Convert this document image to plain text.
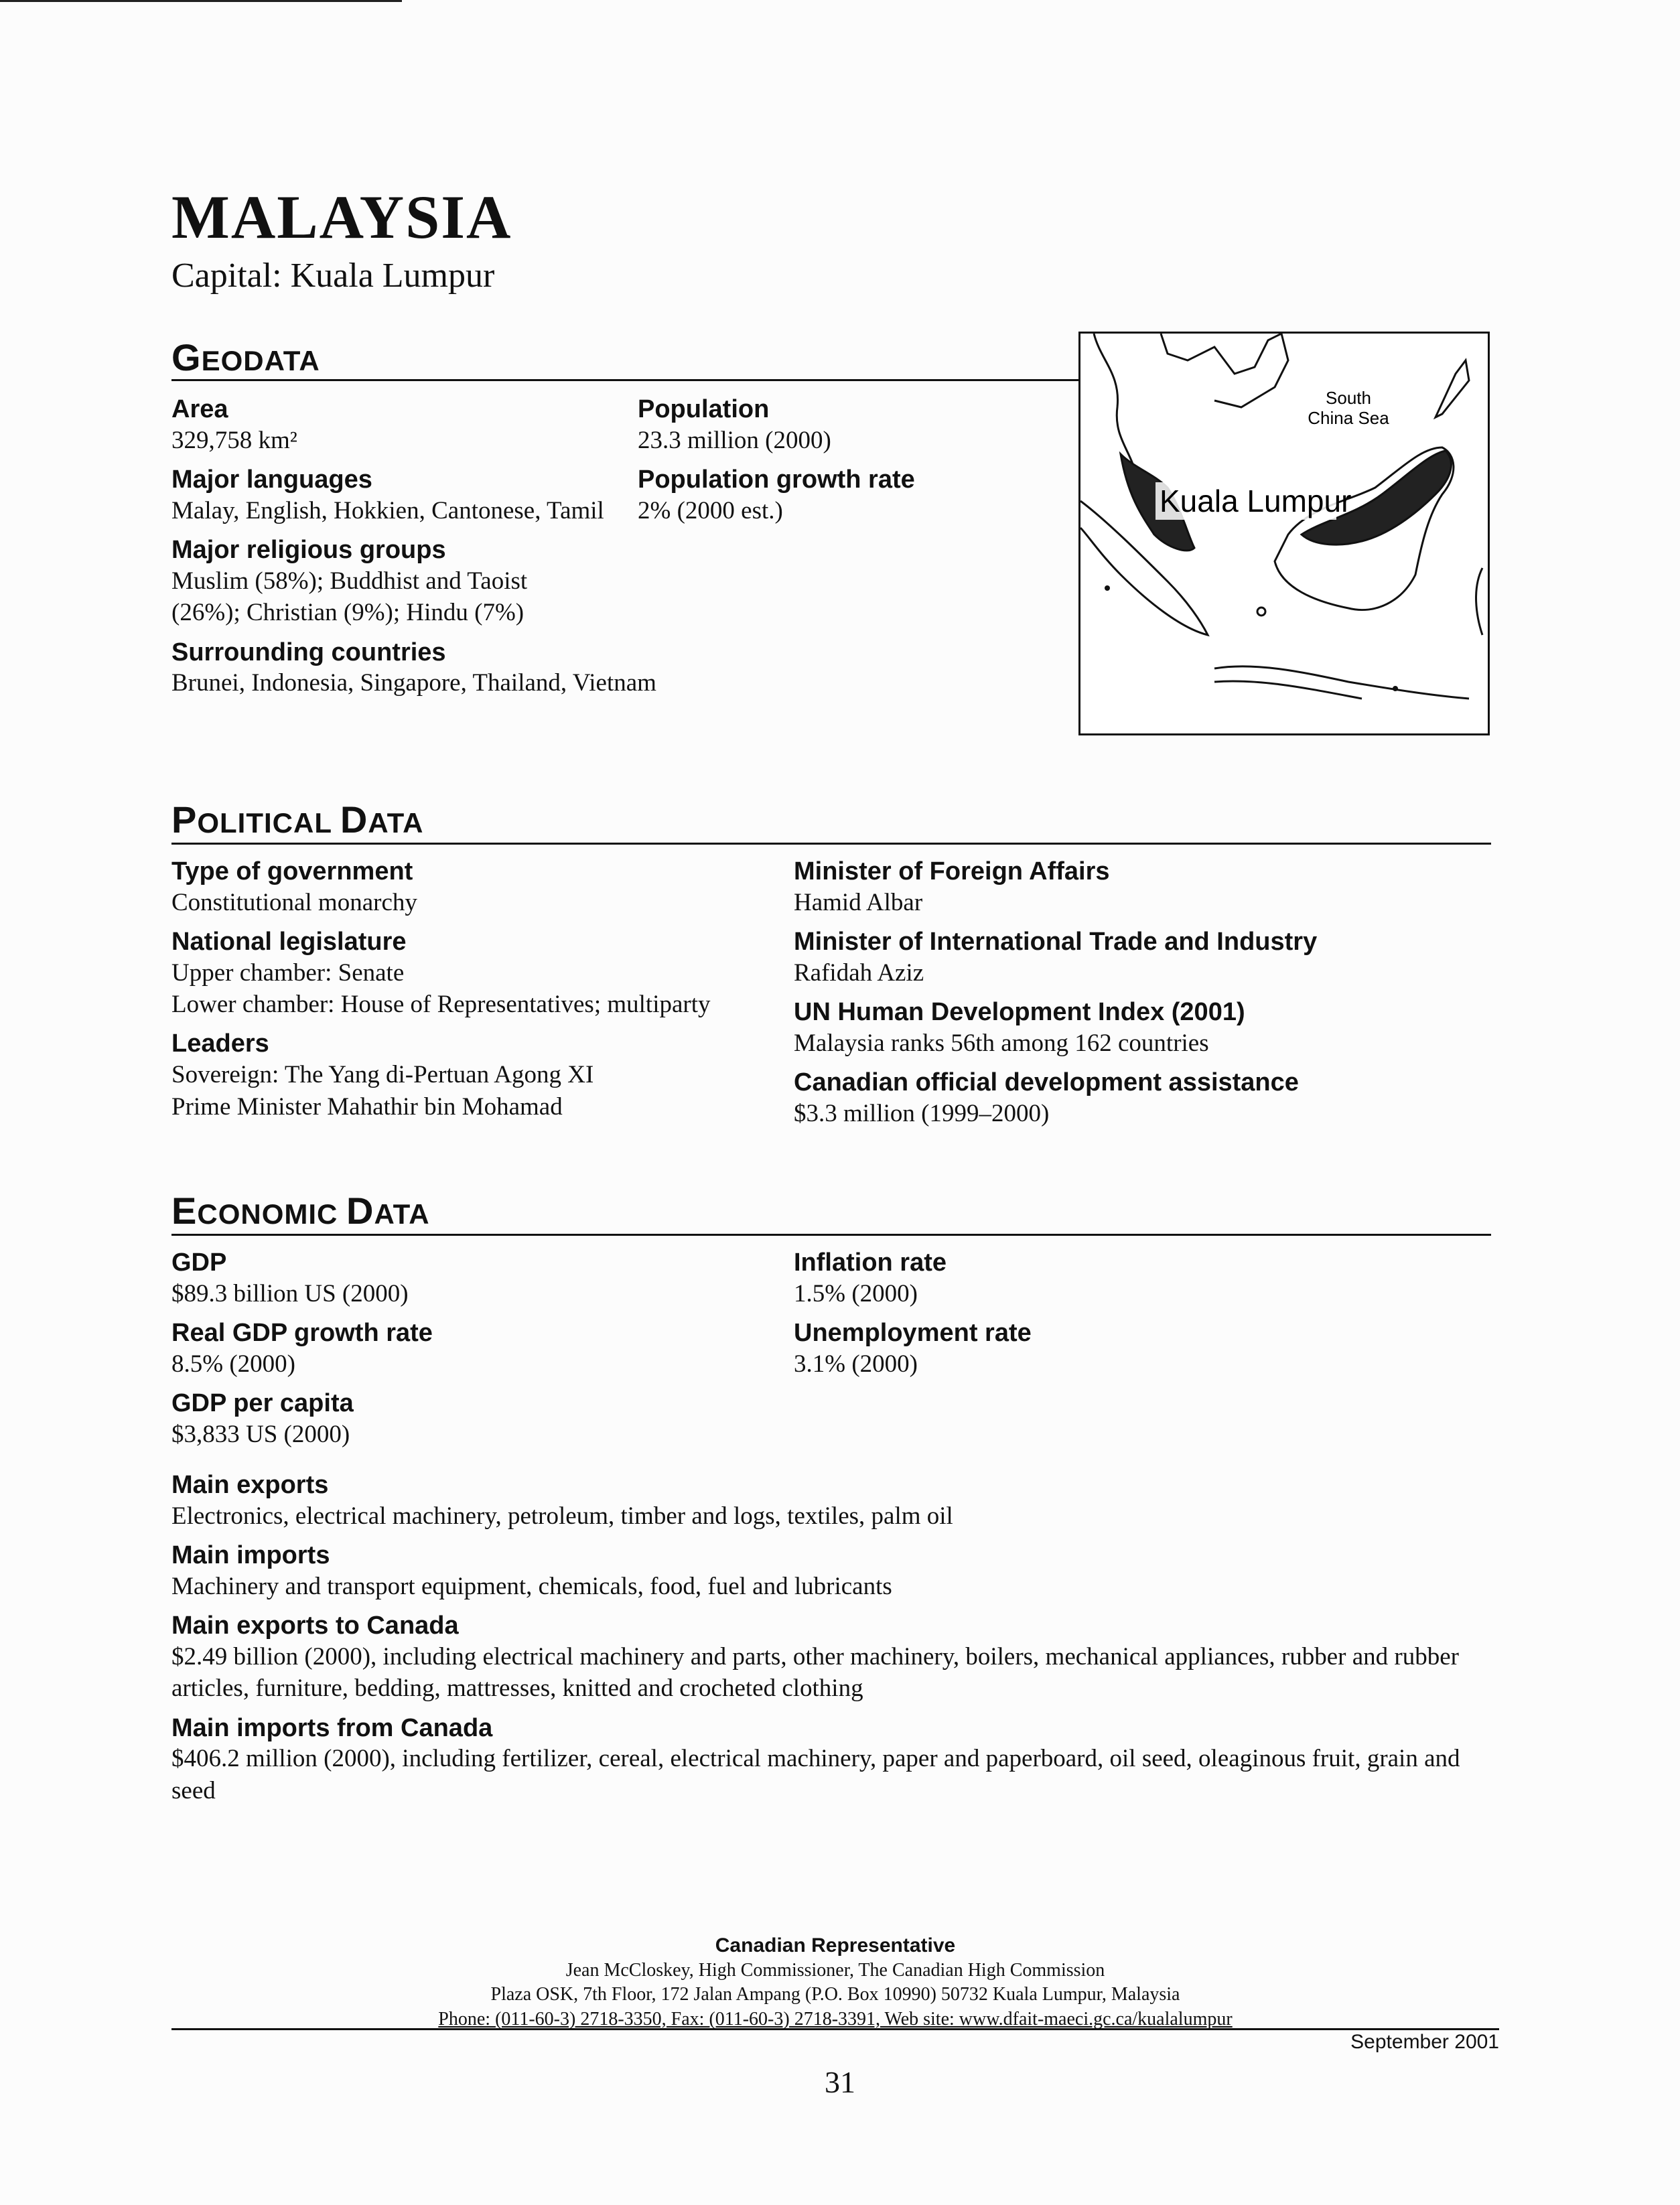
MALAYSIA
Capital: Kuala Lumpur
GEODATA
Area
329,758 km²
Major languages
Malay, English, Hokkien, Cantonese, Tamil
Major religious groups
Muslim (58%); Buddhist and Taoist (26%); Christian (9%); Hindu (7%)
Surrounding countries
Brunei, Indonesia, Singapore, Thailand, Vietnam
Population
23.3 million (2000)
Population growth rate
2% (2000 est.)
South
China Sea
Kuala Lumpur
POLITICAL DATA
Type of government
Constitutional monarchy
National legislature
Upper chamber: Senate
Lower chamber: House of Representatives; multiparty
Leaders
Sovereign: The Yang di-Pertuan Agong XI
Prime Minister Mahathir bin Mohamad
Minister of Foreign Affairs
Hamid Albar
Minister of International Trade and Industry
Rafidah Aziz
UN Human Development Index (2001)
Malaysia ranks 56th among 162 countries
Canadian official development assistance
$3.3 million (1999–2000)
ECONOMIC DATA
GDP
$89.3 billion US (2000)
Real GDP growth rate
8.5% (2000)
GDP per capita
$3,833 US (2000)
Inflation rate
1.5% (2000)
Unemployment rate
3.1% (2000)
Main exports
Electronics, electrical machinery, petroleum, timber and logs, textiles, palm oil
Main imports
Machinery and transport equipment, chemicals, food, fuel and lubricants
Main exports to Canada
$2.49 billion (2000), including electrical machinery and parts, other machinery, boilers, mechanical appliances, rubber and rubber articles, furniture, bedding, mattresses, knitted and crocheted clothing
Main imports from Canada
$406.2 million (2000), including fertilizer, cereal, electrical machinery, paper and paperboard, oil seed, oleaginous fruit, grain and seed
Canadian Representative
Jean McCloskey, High Commissioner, The Canadian High Commission
Plaza OSK, 7th Floor, 172 Jalan Ampang (P.O. Box 10990) 50732 Kuala Lumpur, Malaysia
Phone: (011-60-3) 2718-3350, Fax: (011-60-3) 2718-3391, Web site: www.dfait-maeci.gc.ca/kualalumpur
September 2001
31
